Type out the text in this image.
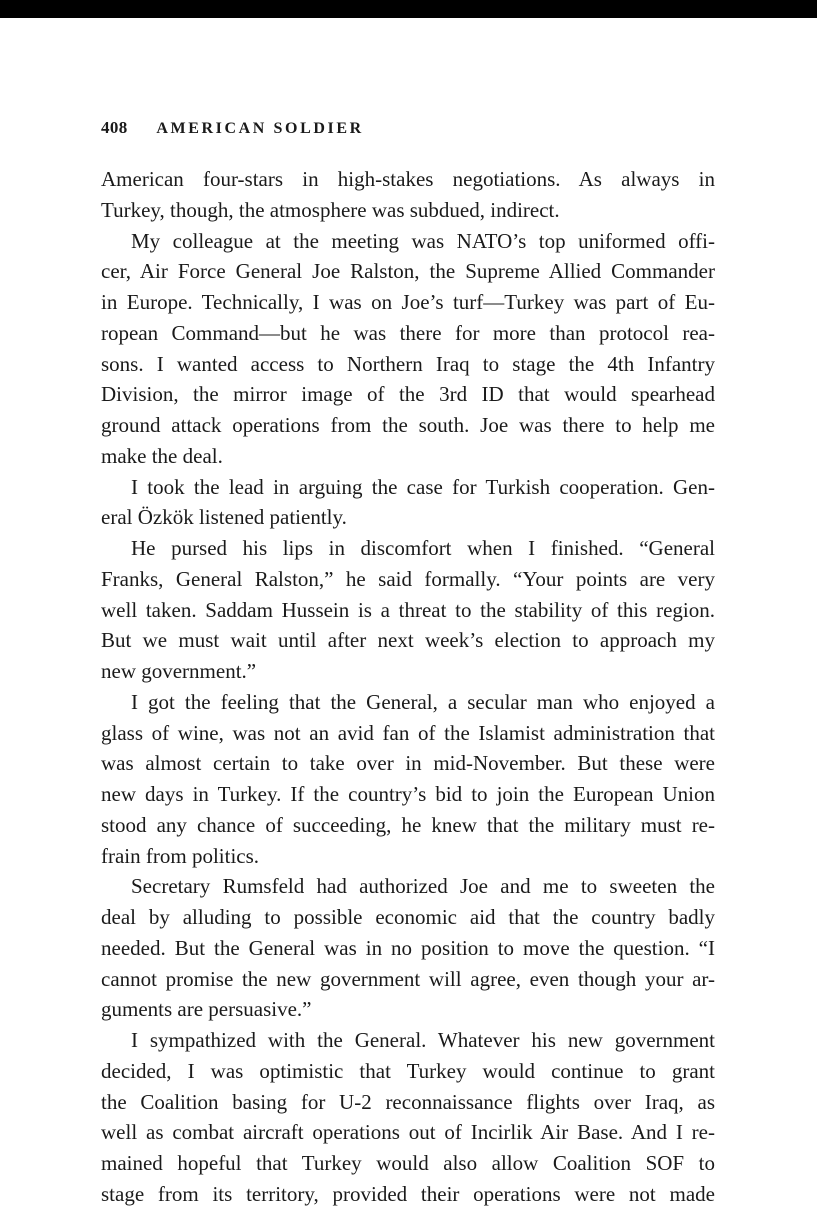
408 AMERICAN SOLDIER

American four-stars in high-stakes negotiations. As always in

Turkey, though, the atmosphere was subdued, indirect.

My colleague at the meeting was NATO’s top uniformed offi-

cer, Air Force General Joe Ralston, the Supreme Allied Commander

in Europe. Technically, I was on Joe’s turf—Turkey was part of Eu-

ropean Command—but he was there for more than protocol rea-

sons. I wanted access to Northern Iraq to stage the 4th Infantry

Division, the mirror image of the 3rd ID that would spearhead

ground attack operations from the south. Joe was there to help me

make the deal.

I took the lead in arguing the case for Turkish cooperation. Gen-

eral Özkök listened patiently.

He pursed his lips in discomfort when I finished. “General

Franks, General Ralston,” he said formally. “Your points are very

well taken. Saddam Hussein is a threat to the stability of this region.

But we must wait until after next week’s election to approach my

new government.”

I got the feeling that the General, a secular man who enjoyed a

glass of wine, was not an avid fan of the Islamist administration that

was almost certain to take over in mid-November. But these were

new days in Turkey. If the country’s bid to join the European Union

stood any chance of succeeding, he knew that the military must re-

frain from politics.

Secretary Rumsfeld had authorized Joe and me to sweeten the

deal by alluding to possible economic aid that the country badly

needed. But the General was in no position to move the question. “I

cannot promise the new government will agree, even though your ar-

guments are persuasive.”

I sympathized with the General. Whatever his new government

decided, I was optimistic that Turkey would continue to grant

the Coalition basing for U-2 reconnaissance flights over Iraq, as

well as combat aircraft operations out of Incirlik Air Base. And I re-

mained hopeful that Turkey would also allow Coalition SOF to

stage from its territory, provided their operations were not made
